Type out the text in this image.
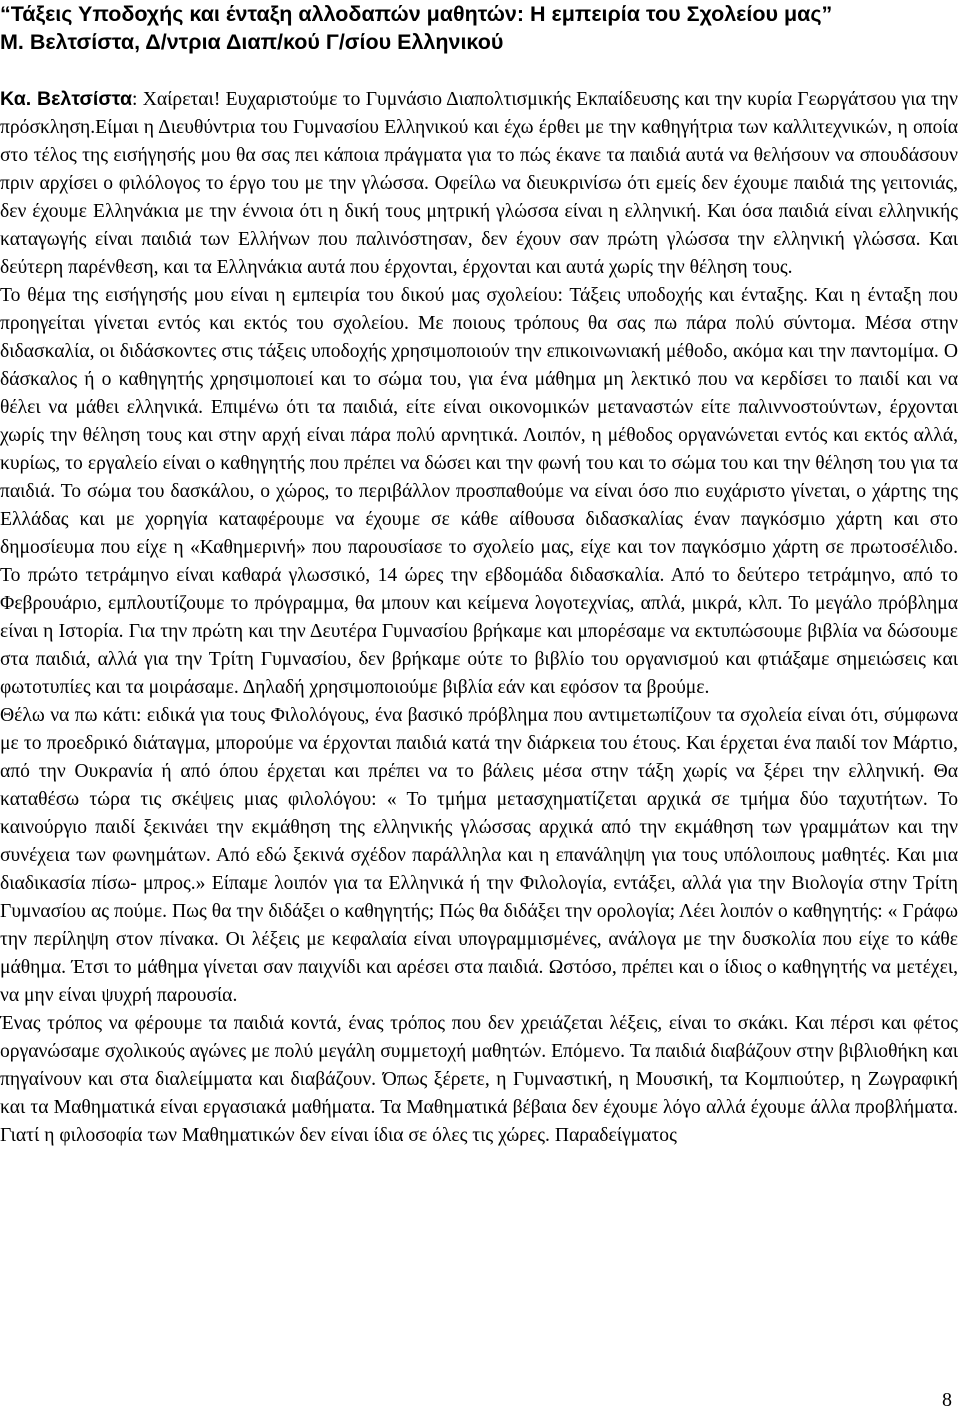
“Τάξεις Υποδοχής και ένταξη αλλοδαπών μαθητών: Η εμπειρία του Σχολείου μας”
Μ. Βελτσίστα, Δ/ντρια Διαπ/κού Γ/σίου Ελληνικού

Κα. Βελτσίστα: Χαίρεται! Ευχαριστούμε το Γυμνάσιο Διαπολτισμικής Εκπαίδευσης και την κυρία Γεωργάτσου για την πρόσκληση.Είμαι η Διευθύντρια του Γυμνασίου Ελληνικού και έχω έρθει με την καθηγήτρια των καλλιτεχνικών, η οποία στο τέλος της εισήγησής μου θα σας πει κάποια πράγματα για το πώς έκανε τα παιδιά αυτά να θελήσουν να σπουδάσουν πριν αρχίσει ο φιλόλογος το έργο του με την γλώσσα. Οφείλω να διευκρινίσω ότι εμείς δεν έχουμε παιδιά της γειτονιάς, δεν έχουμε Ελληνάκια με την έννοια ότι η δική τους μητρική γλώσσα είναι η ελληνική. Και όσα παιδιά είναι ελληνικής καταγωγής είναι παιδιά των Ελλήνων που παλινόστησαν, δεν έχουν σαν πρώτη γλώσσα την ελληνική γλώσσα. Και δεύτερη παρένθεση, και τα Ελληνάκια αυτά που έρχονται, έρχονται και αυτά χωρίς την θέληση τους.

Το θέμα της εισήγησής μου είναι η εμπειρία του δικού μας σχολείου: Τάξεις υποδοχής και ένταξης. Και η ένταξη που προηγείται γίνεται εντός και εκτός του σχολείου. Με ποιους τρόπους θα σας πω πάρα πολύ σύντομα. Μέσα στην διδασκαλία, οι διδάσκοντες στις τάξεις υποδοχής χρησιμοποιούν την επικοινωνιακή μέθοδο, ακόμα και την παντομίμα. Ο δάσκαλος ή ο καθηγητής χρησιμοποιεί και το σώμα του, για ένα μάθημα μη λεκτικό που να κερδίσει το παιδί και να θέλει να μάθει ελληνικά. Επιμένω ότι τα παιδιά, είτε είναι οικονομικών μεταναστών είτε παλιννοστούντων, έρχονται χωρίς την θέληση τους και στην αρχή είναι πάρα πολύ αρνητικά. Λοιπόν, η μέθοδος οργανώνεται εντός και εκτός αλλά, κυρίως, το εργαλείο είναι ο καθηγητής που πρέπει να δώσει και την φωνή του και το σώμα του και την θέληση του για τα παιδιά. Το σώμα του δασκάλου, ο χώρος, το περιβάλλον προσπαθούμε να είναι όσο πιο ευχάριστο γίνεται, ο χάρτης της Ελλάδας και με χορηγία καταφέρουμε να έχουμε σε κάθε αίθουσα διδασκαλίας έναν παγκόσμιο χάρτη και στο δημοσίευμα που είχε η «Καθημερινή» που παρουσίασε το σχολείο μας, είχε και τον παγκόσμιο χάρτη σε πρωτοσέλιδο. Το πρώτο τετράμηνο είναι καθαρά γλωσσικό, 14 ώρες την εβδομάδα διδασκαλία. Από το δεύτερο τετράμηνο, από το Φεβρουάριο, εμπλουτίζουμε το πρόγραμμα, θα μπουν και κείμενα λογοτεχνίας, απλά, μικρά, κλπ. Το μεγάλο πρόβλημα είναι η Ιστορία. Για την πρώτη και την Δευτέρα Γυμνασίου βρήκαμε και μπορέσαμε να εκτυπώσουμε βιβλία να δώσουμε στα παιδιά, αλλά για την Τρίτη Γυμνασίου, δεν βρήκαμε ούτε το βιβλίο του οργανισμού και φτιάξαμε σημειώσεις και φωτοτυπίες και τα μοιράσαμε. Δηλαδή χρησιμοποιούμε βιβλία εάν και εφόσον τα βρούμε.

Θέλω να πω κάτι: ειδικά για τους Φιλολόγους, ένα βασικό πρόβλημα που αντιμετωπίζουν τα σχολεία είναι ότι, σύμφωνα με το προεδρικό διάταγμα, μπορούμε να έρχονται παιδιά κατά την διάρκεια του έτους. Και έρχεται ένα παιδί τον Μάρτιο, από την Ουκρανία ή από όπου έρχεται και πρέπει να το βάλεις μέσα στην τάξη χωρίς να ξέρει την ελληνική. Θα καταθέσω τώρα τις σκέψεις μιας φιλολόγου: « Το τμήμα μετασχηματίζεται αρχικά σε τμήμα δύο ταχυτήτων. Το καινούργιο παιδί ξεκινάει την εκμάθηση της ελληνικής γλώσσας αρχικά από την εκμάθηση των γραμμάτων και την συνέχεια των φωνημάτων. Από εδώ ξεκινά σχέδον παράλληλα και η επανάληψη για τους υπόλοιπους μαθητές. Και μια διαδικασία πίσω- μπρος.» Είπαμε λοιπόν για τα Ελληνικά ή την Φιλολογία, εντάξει, αλλά για την Βιολογία στην Τρίτη Γυμνασίου ας πούμε. Πως θα την διδάξει ο καθηγητής; Πώς θα διδάξει την ορολογία; Λέει λοιπόν ο καθηγητής: « Γράφω την περίληψη στον πίνακα. Οι λέξεις με κεφαλαία είναι υπογραμμισμένες, ανάλογα με την δυσκολία που είχε το κάθε μάθημα. Έτσι το μάθημα γίνεται σαν παιχνίδι και αρέσει στα παιδιά. Ωστόσο, πρέπει και ο ίδιος ο καθηγητής να μετέχει, να μην είναι ψυχρή παρουσία.

Ένας τρόπος να φέρουμε τα παιδιά κοντά, ένας τρόπος που δεν χρειάζεται λέξεις, είναι το σκάκι. Και πέρσι και φέτος οργανώσαμε σχολικούς αγώνες με πολύ μεγάλη συμμετοχή μαθητών. Επόμενο. Τα παιδιά διαβάζουν στην βιβλιοθήκη και πηγαίνουν και στα διαλείμματα και διαβάζουν. Όπως ξέρετε, η Γυμναστική, η Μουσική, τα Κομπιούτερ, η Ζωγραφική και τα Μαθηματικά είναι εργασιακά μαθήματα. Τα Μαθηματικά βέβαια δεν έχουμε λόγο αλλά έχουμε άλλα προβλήματα. Γιατί η φιλοσοφία των Μαθηματικών δεν είναι ίδια σε όλες τις χώρες. Παραδείγματος

8
